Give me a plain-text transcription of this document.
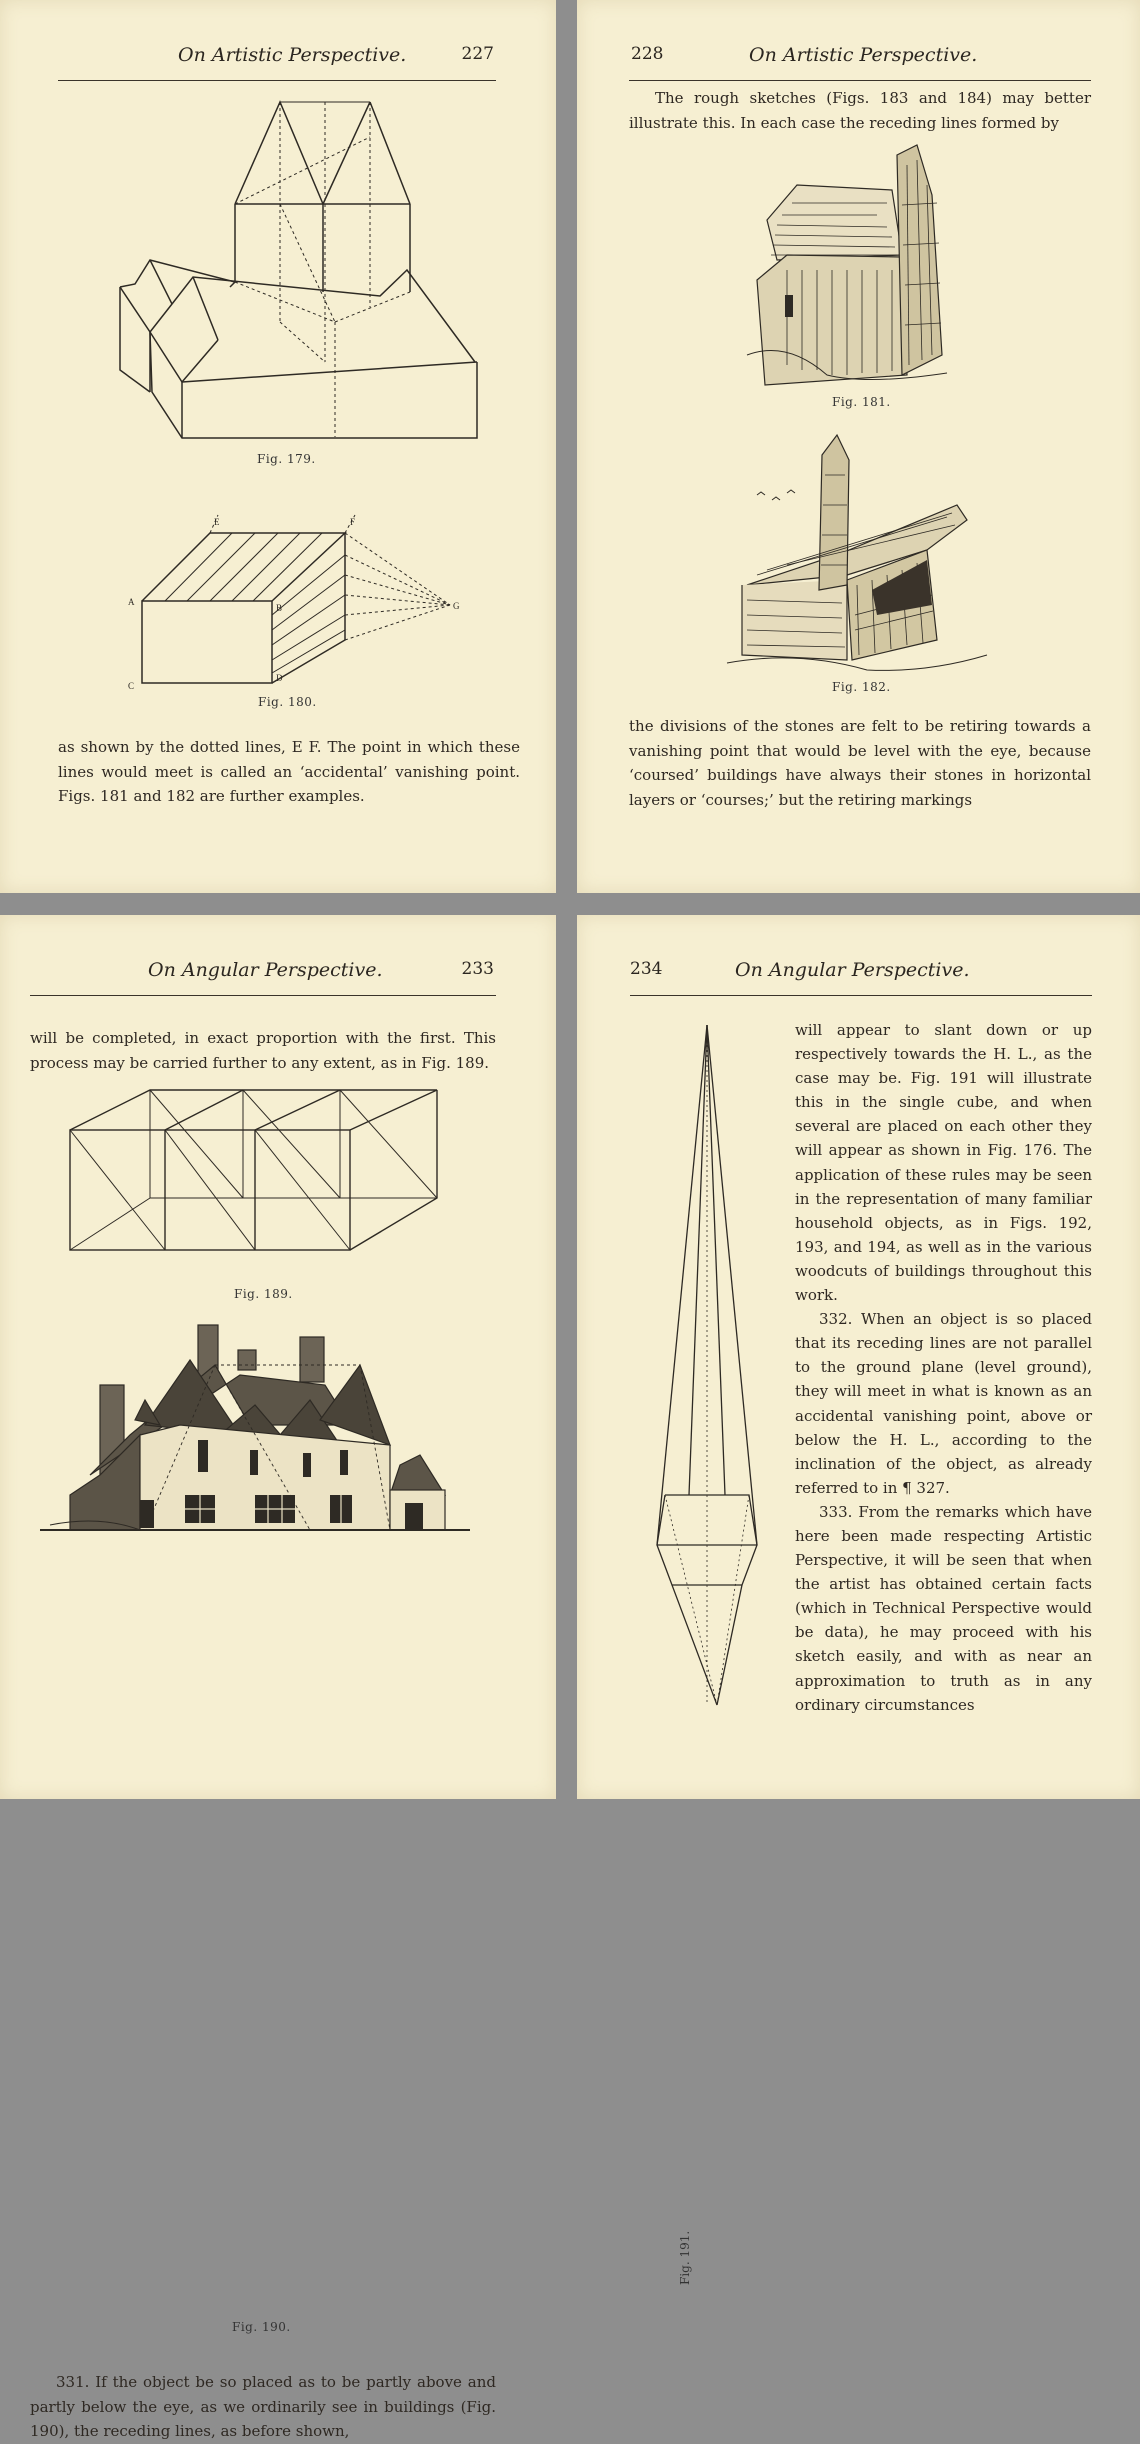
On Artistic Perspective.	227
Fig. 179.
E	F
A
B
C
D
G
Fig. 180.
as shown by the dotted lines, E F. The point in which these lines would meet is called an ‘accidental’ vanishing point. Figs. 181 and 182 are further examples.
228	On Artistic Perspective.
The rough sketches (Figs. 183 and 184) may better illustrate this. In each case the receding lines formed by
Fig. 181.
Fig. 182.
the divisions of the stones are felt to be retiring towards a vanishing point that would be level with the eye, because ‘coursed’ buildings have always their stones in horizontal layers or ‘courses;’ but the retiring markings
On Angular Perspective.	233
will be completed, in exact proportion with the first. This process may be carried further to any extent, as in Fig. 189.
Fig. 189.
Fig. 190.
331. If the object be so placed as to be partly above and partly below the eye, as we ordinarily see in buildings (Fig. 190), the receding lines, as before shown,
234	On Angular Perspective.
Fig. 191.

will appear to slant down or up respectively towards the H. L., as the case may be. Fig. 191 will illustrate this in the single cube, and when several are placed on each other they will appear as shown in Fig. 176. The application of these rules may be seen in the representation of many familiar household objects, as in Figs. 192, 193, and 194, as well as in the various woodcuts of buildings throughout this work.

332. When an object is so placed that its receding lines are not parallel to the ground plane (level ground), they will meet in what is known as an accidental vanishing point, above or below the H. L., according to the inclination of the object, as already referred to in ¶ 327.

333. From the remarks which have here been made respecting Artistic Perspective, it will be seen that when the artist has obtained certain facts (which in Technical Perspective would be data), he may proceed with his sketch easily, and with as near an approximation to truth as in any ordinary circumstances
